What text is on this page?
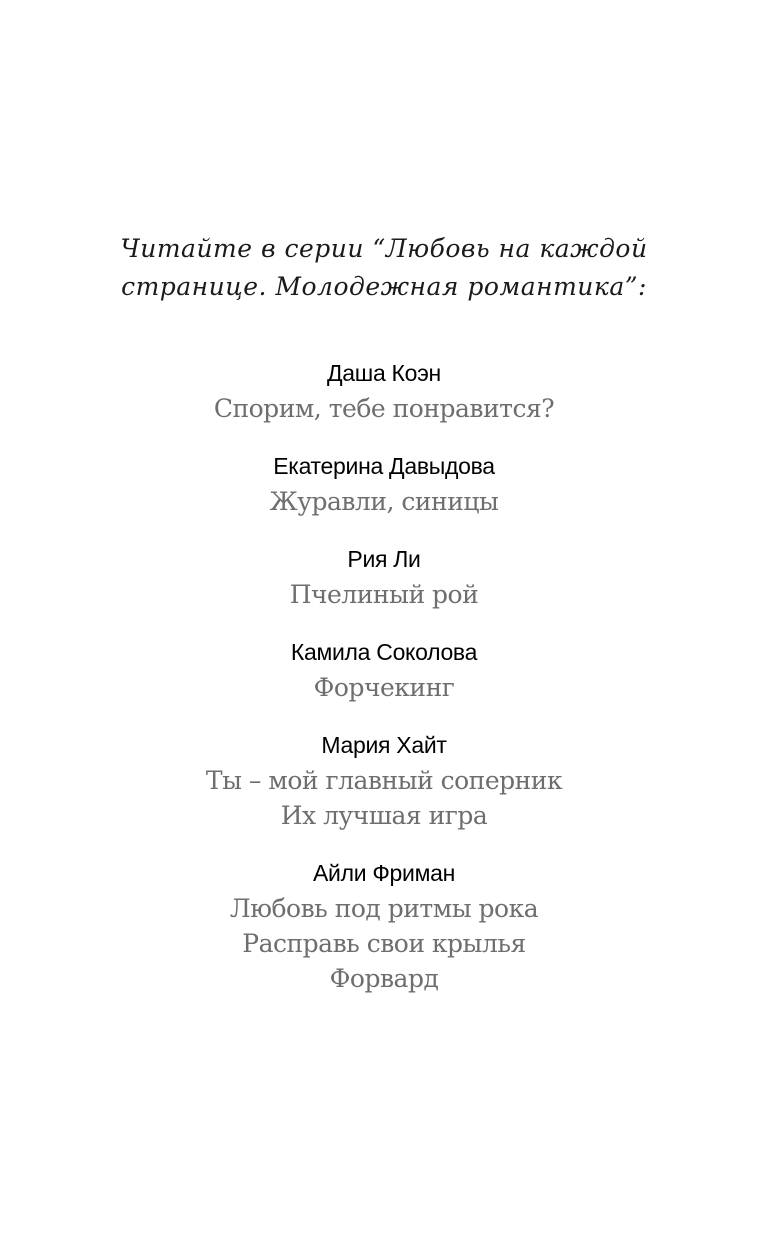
Читайте в серии “Любовь на каждой
странице. Молодежная романтика”:
Даша Коэн
Спорим, тебе понравится?
Екатерина Давыдова
Журавли, синицы
Рия Ли
Пчелиный рой
Камила Соколова
Форчекинг
Мария Хайт
Ты – мой главный соперник
Их лучшая игра
Айли Фриман
Любовь под ритмы рока
Расправь свои крылья
Форвард
